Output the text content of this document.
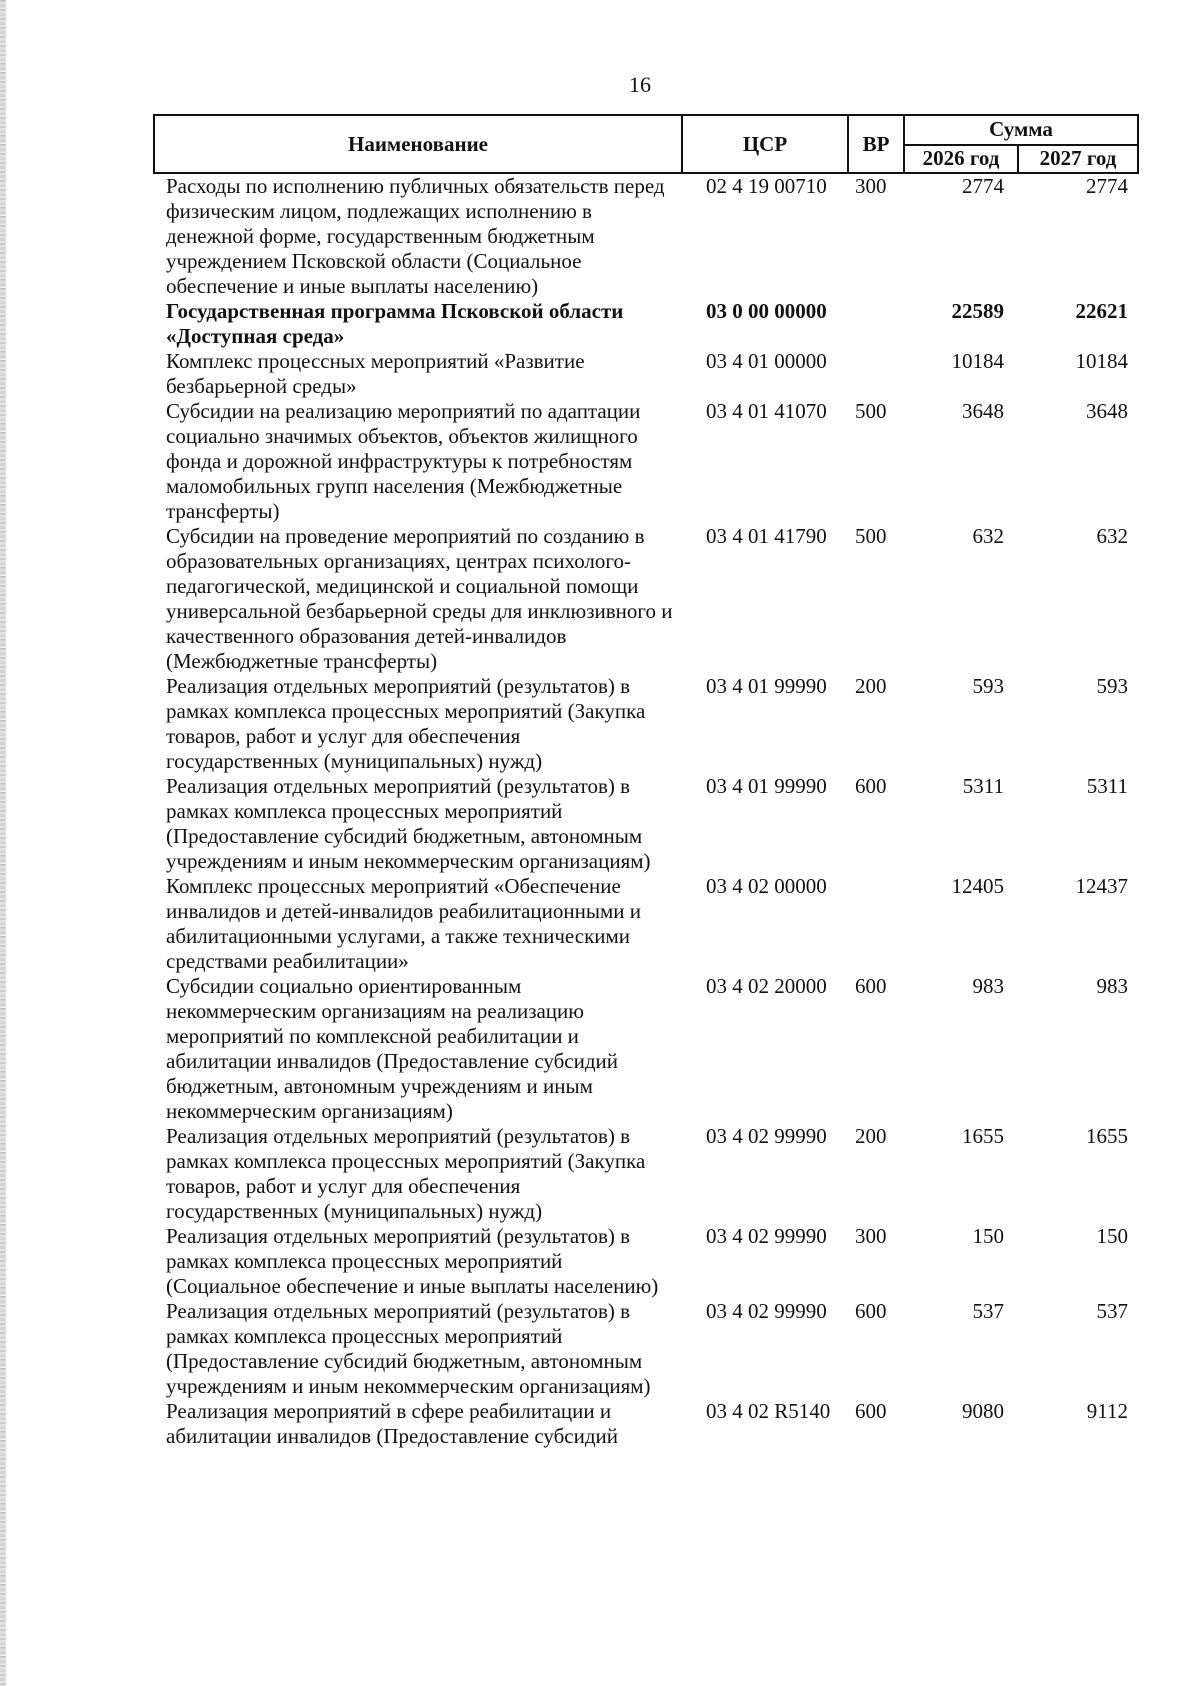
16
Наименование	ЦСР	ВР	Сумма	
			2026 год	2027 год
Расходы по исполнению публичных обязательств перед физическим лицом, подлежащих исполнению в денежной форме, государственным бюджетным учреждением Псковской области (Социальное обеспечение и иные выплаты населению)	02 4 19 00710	300	2774	2774
Государственная программа Псковской области «Доступная среда»	03 0 00 00000		22589	22621
Комплекс процессных мероприятий «Развитие безбарьерной среды»	03 4 01 00000		10184	10184
Субсидии на реализацию мероприятий по адаптации социально значимых объектов, объектов жилищного фонда и дорожной инфраструктуры к потребностям маломобильных групп населения (Межбюджетные трансферты)	03 4 01 41070	500	3648	3648
Субсидии на проведение мероприятий по созданию в образовательных организациях, центрах психолого-педагогической, медицинской и социальной помощи универсальной безбарьерной среды для инклюзивного и качественного образования детей-инвалидов (Межбюджетные трансферты)	03 4 01 41790	500	632	632
Реализация отдельных мероприятий (результатов) в рамках комплекса процессных мероприятий (Закупка товаров, работ и услуг для обеспечения государственных (муниципальных) нужд)	03 4 01 99990	200	593	593
Реализация отдельных мероприятий (результатов) в рамках комплекса процессных мероприятий (Предоставление субсидий бюджетным, автономным учреждениям и иным некоммерческим организациям)	03 4 01 99990	600	5311	5311
Комплекс процессных мероприятий «Обеспечение инвалидов и детей-инвалидов реабилитационными и абилитационными услугами, а также техническими средствами реабилитации»	03 4 02 00000		12405	12437
Субсидии социально ориентированным некоммерческим организациям на реализацию мероприятий по комплексной реабилитации и абилитации инвалидов (Предоставление субсидий бюджетным, автономным учреждениям и иным некоммерческим организациям)	03 4 02 20000	600	983	983
Реализация отдельных мероприятий (результатов) в рамках комплекса процессных мероприятий (Закупка товаров, работ и услуг для обеспечения государственных (муниципальных) нужд)	03 4 02 99990	200	1655	1655
Реализация отдельных мероприятий (результатов) в рамках комплекса процессных мероприятий (Социальное обеспечение и иные выплаты населению)	03 4 02 99990	300	150	150
Реализация отдельных мероприятий (результатов) в рамках комплекса процессных мероприятий (Предоставление субсидий бюджетным, автономным учреждениям и иным некоммерческим организациям)	03 4 02 99990	600	537	537
Реализация мероприятий в сфере реабилитации и абилитации инвалидов (Предоставление субсидий	03 4 02 R5140	600	9080	9112
